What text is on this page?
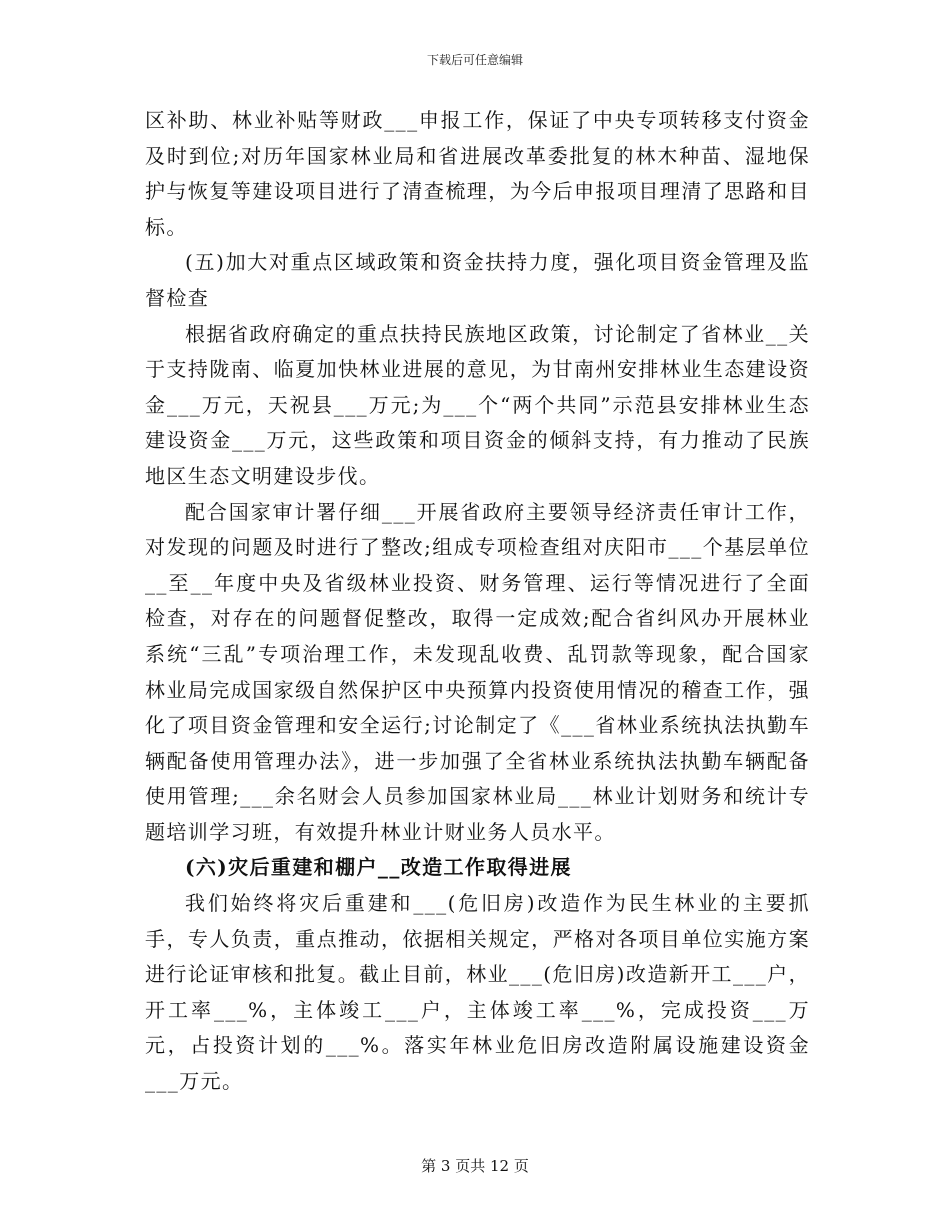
下载后可任意编辑

区补助、林业补贴等财政___申报工作，保证了中央专项转移支付资金及时到位;对历年国家林业局和省进展改革委批复的林木种苗、湿地保护与恢复等建设项目进行了清查梳理，为今后申报项目理清了思路和目标。

(五)加大对重点区域政策和资金扶持力度，强化项目资金管理及监督检查

根据省政府确定的重点扶持民族地区政策，讨论制定了省林业__关于支持陇南、临夏加快林业进展的意见，为甘南州安排林业生态建设资金___万元，天祝县___万元;为___个“两个共同”示范县安排林业生态建设资金___万元，这些政策和项目资金的倾斜支持，有力推动了民族地区生态文明建设步伐。

配合国家审计署仔细___开展省政府主要领导经济责任审计工作，对发现的问题及时进行了整改;组成专项检查组对庆阳市___个基层单位__至__年度中央及省级林业投资、财务管理、运行等情况进行了全面检查，对存在的问题督促整改，取得一定成效;配合省纠风办开展林业系统“三乱”专项治理工作，未发现乱收费、乱罚款等现象，配合国家林业局完成国家级自然保护区中央预算内投资使用情况的稽查工作，强化了项目资金管理和安全运行;讨论制定了《___省林业系统执法执勤车辆配备使用管理办法》，进一步加强了全省林业系统执法执勤车辆配备使用管理;___余名财会人员参加国家林业局___林业计划财务和统计专题培训学习班，有效提升林业计财业务人员水平。

(六)灾后重建和棚户__改造工作取得进展

我们始终将灾后重建和___(危旧房)改造作为民生林业的主要抓手，专人负责，重点推动，依据相关规定，严格对各项目单位实施方案进行论证审核和批复。截止目前，林业___(危旧房)改造新开工___户，开工率___%，主体竣工___户，主体竣工率___%，完成投资___万元，占投资计划的___%。落实年林业危旧房改造附属设施建设资金___万元。

第 3 页共 12 页
